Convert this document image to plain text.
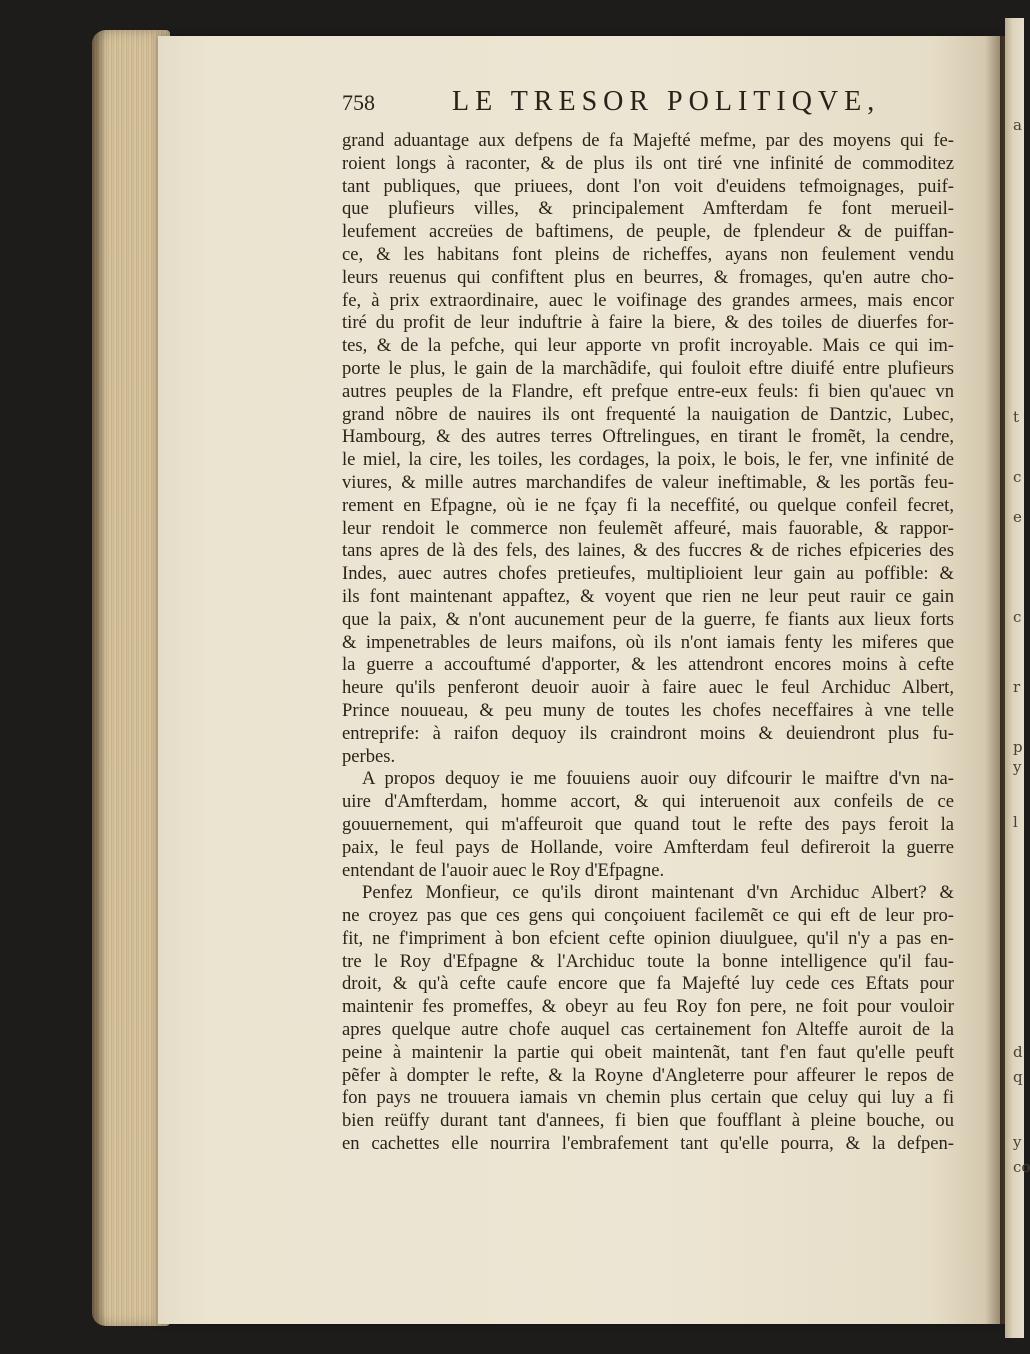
a
t
c
e
c
r
p
y
l
d
q
y
co
758	LE TRESOR POLITIQVE,
grand aduantage aux defpens de fa Majefté mefme, par des moyens qui fe-
roient longs à raconter, & de plus ils ont tiré vne infinité de commoditez
tant publiques, que priuees, dont l'on voit d'euidens tefmoignages, puif-
que plufieurs villes, & principalement Amfterdam fe font merueil-
leufement accreües de baftimens, de peuple, de fplendeur & de puiffan-
ce, & les habitans font pleins de richeffes, ayans non feulement vendu
leurs reuenus qui confiftent plus en beurres, & fromages, qu'en autre cho-
fe, à prix extraordinaire, auec le voifinage des grandes armees, mais encor
tiré du profit de leur induftrie à faire la biere, & des toiles de diuerfes for-
tes, & de la pefche, qui leur apporte vn profit incroyable. Mais ce qui im-
porte le plus, le gain de la marchãdife, qui fouloit eftre diuifé entre plufieurs
autres peuples de la Flandre, eft prefque entre-eux feuls: fi bien qu'auec vn
grand nõbre de nauires ils ont frequenté la nauigation de Dantzic, Lubec,
Hambourg, & des autres terres Oftrelingues, en tirant le fromẽt, la cendre,
le miel, la cire, les toiles, les cordages, la poix, le bois, le fer, vne infinité de
viures, & mille autres marchandifes de valeur ineftimable, & les portãs feu-
rement en Efpagne, où ie ne fçay fi la neceffité, ou quelque confeil fecret,
leur rendoit le commerce non feulemẽt affeuré, mais fauorable, & rappor-
tans apres de là des fels, des laines, & des fuccres & de riches efpiceries des
Indes, auec autres chofes pretieufes, multiplioient leur gain au poffible: &
ils font maintenant appaftez, & voyent que rien ne leur peut rauir ce gain
que la paix, & n'ont aucunement peur de la guerre, fe fiants aux lieux forts
& impenetrables de leurs maifons, où ils n'ont iamais fenty les miferes que
la guerre a accouftumé d'apporter, & les attendront encores moins à cefte
heure qu'ils penferont deuoir auoir à faire auec le feul Archiduc Albert,
Prince nouueau, & peu muny de toutes les chofes neceffaires à vne telle
entreprife: à raifon dequoy ils craindront moins & deuiendront plus fu-
perbes.
A propos dequoy ie me fouuiens auoir ouy difcourir le maiftre d'vn na-
uire d'Amfterdam, homme accort, & qui interuenoit aux confeils de ce
gouuernement, qui m'affeuroit que quand tout le refte des pays feroit la
paix, le feul pays de Hollande, voire Amfterdam feul defireroit la guerre
entendant de l'auoir auec le Roy d'Efpagne.
Penfez Monfieur, ce qu'ils diront maintenant d'vn Archiduc Albert? &
ne croyez pas que ces gens qui conçoiuent facilemẽt ce qui eft de leur pro-
fit, ne f'impriment à bon efcient cefte opinion diuulguee, qu'il n'y a pas en-
tre le Roy d'Efpagne & l'Archiduc toute la bonne intelligence qu'il fau-
droit, & qu'à cefte caufe encore que fa Majefté luy cede ces Eftats pour
maintenir fes promeffes, & obeyr au feu Roy fon pere, ne foit pour vouloir
apres quelque autre chofe auquel cas certainement fon Alteffe auroit de la
peine à maintenir la partie qui obeit maintenãt, tant f'en faut qu'elle peuft
pẽfer à dompter le refte, & la Royne d'Angleterre pour affeurer le repos de
fon pays ne trouuera iamais vn chemin plus certain que celuy qui luy a fi
bien reüffy durant tant d'annees, fi bien que foufflant à pleine bouche, ou
en cachettes elle nourrira l'embrafement tant qu'elle pourra, & la defpen-
